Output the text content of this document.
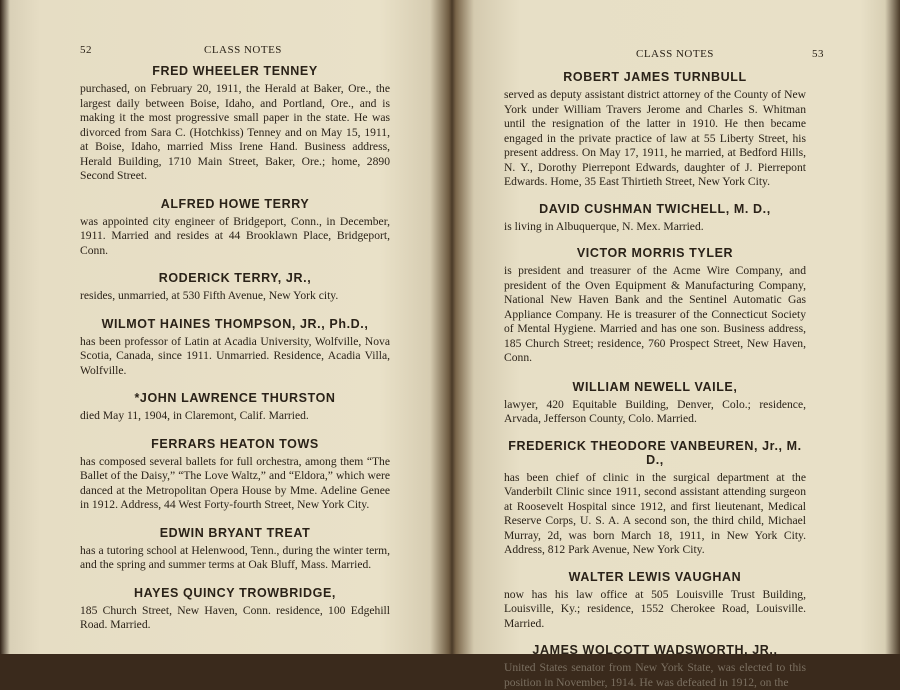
52	CLASS NOTES
FRED WHEELER TENNEY

purchased, on February 20, 1911, the Herald at Baker, Ore., the largest daily between Boise, Idaho, and Portland, Ore., and is making it the most progressive small paper in the state. He was divorced from Sara C. (Hotchkiss) Tenney and on May 15, 1911, at Boise, Idaho, married Miss Irene Hand. Business address, Herald Building, 1710 Main Street, Baker, Ore.; home, 2890 Second Street.

ALFRED HOWE TERRY

was appointed city engineer of Bridgeport, Conn., in December, 1911. Married and resides at 44 Brooklawn Place, Bridgeport, Conn.

RODERICK TERRY, JR.,

resides, unmarried, at 530 Fifth Avenue, New York city.

WILMOT HAINES THOMPSON, JR., Ph.D.,

has been professor of Latin at Acadia University, Wolfville, Nova Scotia, Canada, since 1911. Unmarried. Residence, Acadia Villa, Wolfville.

*JOHN LAWRENCE THURSTON

died May 11, 1904, in Claremont, Calif. Married.

FERRARS HEATON TOWS

has composed several ballets for full orchestra, among them “The Ballet of the Daisy,” “The Love Waltz,” and “Eldora,” which were danced at the Metropolitan Opera House by Mme. Adeline Genee in 1912. Address, 44 West Forty-fourth Street, New York City.

EDWIN BRYANT TREAT

has a tutoring school at Helenwood, Tenn., during the winter term, and the spring and summer terms at Oak Bluff, Mass. Married.

HAYES QUINCY TROWBRIDGE,

185 Church Street, New Haven, Conn. residence, 100 Edgehill Road. Married.

CLASS NOTES	53
ROBERT JAMES TURNBULL

served as deputy assistant district attorney of the County of New York under William Travers Jerome and Charles S. Whitman until the resignation of the latter in 1910. He then became engaged in the private practice of law at 55 Liberty Street, his present address. On May 17, 1911, he married, at Bedford Hills, N. Y., Dorothy Pierrepont Edwards, daughter of J. Pierrepont Edwards. Home, 35 East Thirtieth Street, New York City.

DAVID CUSHMAN TWICHELL, M. D.,

is living in Albuquerque, N. Mex. Married.

VICTOR MORRIS TYLER

is president and treasurer of the Acme Wire Company, and president of the Oven Equipment & Manufacturing Company, National New Haven Bank and the Sentinel Automatic Gas Appliance Company. He is treasurer of the Connecticut Society of Mental Hygiene. Married and has one son. Business address, 185 Church Street; residence, 760 Prospect Street, New Haven, Conn.

WILLIAM NEWELL VAILE,

lawyer, 420 Equitable Building, Denver, Colo.; residence, Arvada, Jefferson County, Colo. Married.

FREDERICK THEODORE VANBEUREN, Jr., M. D.,

has been chief of clinic in the surgical department at the Vanderbilt Clinic since 1911, second assistant attending surgeon at Roosevelt Hospital since 1912, and first lieutenant, Medical Reserve Corps, U. S. A. A second son, the third child, Michael Murray, 2d, was born March 18, 1911, in New York City. Address, 812 Park Avenue, New York City.

WALTER LEWIS VAUGHAN

now has his law office at 505 Louisville Trust Building, Louisville, Ky.; residence, 1552 Cherokee Road, Louisville. Married.

JAMES WOLCOTT WADSWORTH, JR.,

United States senator from New York State, was elected to this position in November, 1914. He was defeated in 1912, on the
